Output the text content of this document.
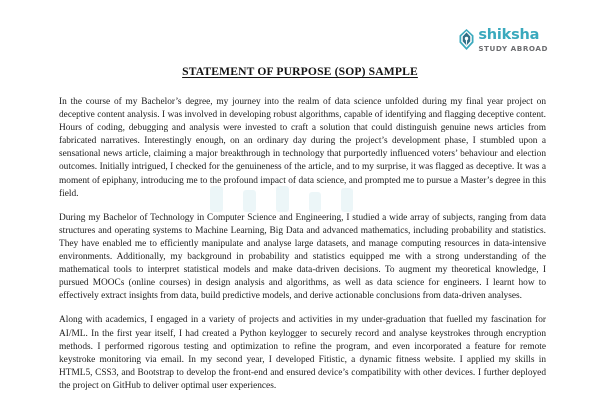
shiksha
STUDY ABROAD
STATEMENT OF PURPOSE (SOP) SAMPLE

In the course of my Bachelor’s degree, my journey into the realm of data science unfolded during my final year project on deceptive content analysis. I was involved in developing robust algorithms, capable of identifying and flagging deceptive content. Hours of coding, debugging and analysis were invested to craft a solution that could distinguish genuine news articles from fabricated narratives. Interestingly enough, on an ordinary day during the project’s development phase, I stumbled upon a sensational news article, claiming a major breakthrough in technology that purportedly influenced voters’ behaviour and election outcomes. Initially intrigued, I checked for the genuineness of the article, and to my surprise, it was flagged as deceptive. It was a moment of epiphany, introducing me to the profound impact of data science, and prompted me to pursue a Master’s degree in this field.

During my Bachelor of Technology in Computer Science and Engineering, I studied a wide array of subjects, ranging from data structures and operating systems to Machine Learning, Big Data and advanced mathematics, including probability and statistics. They have enabled me to efficiently manipulate and analyse large datasets, and manage computing resources in data-intensive environments. Additionally, my background in probability and statistics equipped me with a strong understanding of the mathematical tools to interpret statistical models and make data-driven decisions. To augment my theoretical knowledge, I pursued MOOCs (online courses) in design analysis and algorithms, as well as data science for engineers. I learnt how to effectively extract insights from data, build predictive models, and derive actionable conclusions from data-driven analyses.

Along with academics, I engaged in a variety of projects and activities in my under-graduation that fuelled my fascination for AI/ML. In the first year itself, I had created a Python keylogger to securely record and analyse keystrokes through encryption methods. I performed rigorous testing and optimization to refine the program, and even incorporated a feature for remote keystroke monitoring via email. In my second year, I developed Fitistic, a dynamic fitness website. I applied my skills in HTML5, CSS3, and Bootstrap to develop the front-end and ensured device’s compatibility with other devices. I further deployed the project on GitHub to deliver optimal user experiences.
